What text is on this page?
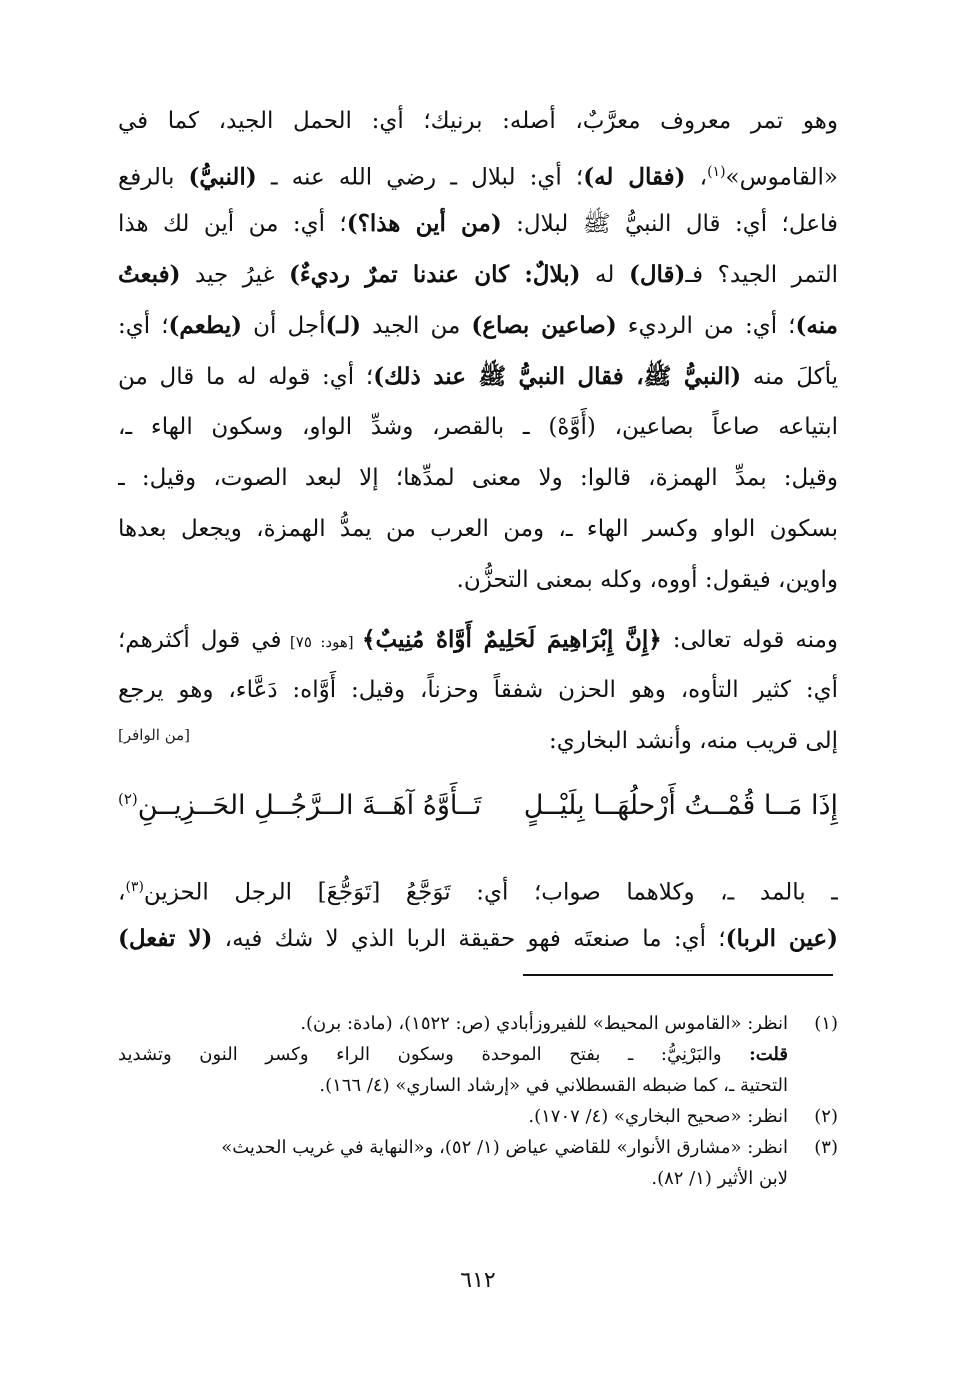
وهو تمر معروف معرَّبٌ، أصله: برنيك؛ أي: الحمل الجيد، كما في
«القاموس»$^{(١)}$، (فقال له)؛ أي: لبلال ـ رضي الله عنه ـ (النبيُّ) بالرفع
فاعل؛ أي: قال النبيُّ ﷺ لبلال: (من أين هذا؟)؛ أي: من أين لك هذا
التمر الجيد؟ فـ(قال) له (بلالٌ: كان عندنا تمرٌ رديءٌ) غيرُ جيد (فبعتُ
منه)؛ أي: من الرديء (صاعين بصاع) من الجيد (لـ)أجل أن (يطعم)؛ أي:
يأكلَ منه (النبيُّ ﷺ، فقال النبيُّ ﷺ عند ذلك)؛ أي: قوله له ما قال من
ابتياعه صاعاً بصاعين، (أَوَّهْ) ـ بالقصر، وشدِّ الواو، وسكون الهاء ـ،
وقيل: بمدِّ الهمزة، قالوا: ولا معنى لمدِّها؛ إلا لبعد الصوت، وقيل: ـ
بسكون الواو وكسر الهاء ـ، ومن العرب من يمدُّ الهمزة، ويجعل بعدها
واوين، فيقول: أووه، وكله بمعنى التحزُّن.
ومنه قوله تعالى: ﴿إِنَّ إِبْرَاهِيمَ لَحَلِيمٌ أَوَّاهٌ مُنِيبٌ﴾ [هود: ٧٥] في قول أكثرهم؛
أي: كثير التأوه، وهو الحزن شفقاً وحزناً، وقيل: أَوَّاه: دَعَّاء، وهو يرجع
إلى قريب منه، وأنشد البخاري:
[من الوافر]
إِذَا مَــا قُمْــتُ أَرْحلُهَــا بِلَيْــلٍ
تَــأَوَّهُ آهَــةَ الــرَّجُــلِ الحَــزِيــنِ$^{(٢)}$
ـ بالمد ـ، وكلاهما صواب؛ أي: تَوَجَّعُ [تَوَجُّعَ] الرجل الحزين$^{(٣)}$،
(عين الربا)؛ أي: ما صنعتَه فهو حقيقة الربا الذي لا شك فيه، (لا تفعل)
(١)
انظر: «القاموس المحيط» للفيروزأبادي (ص: ١٥٢٢)، (مادة: برن).
قلت: والبَرْنِيُّ: ـ بفتح الموحدة وسكون الراء وكسر النون وتشديد
التحتية ـ، كما ضبطه القسطلاني في «إرشاد الساري» (٤/ ١٦٦).
(٢)
انظر: «صحيح البخاري» (٤/ ١٧٠٧).
(٣)
انظر: «مشارق الأنوار» للقاضي عياض (١/ ٥٢)، و«النهاية في غريب الحديث»
لابن الأثير (١/ ٨٢).
٦١٢
